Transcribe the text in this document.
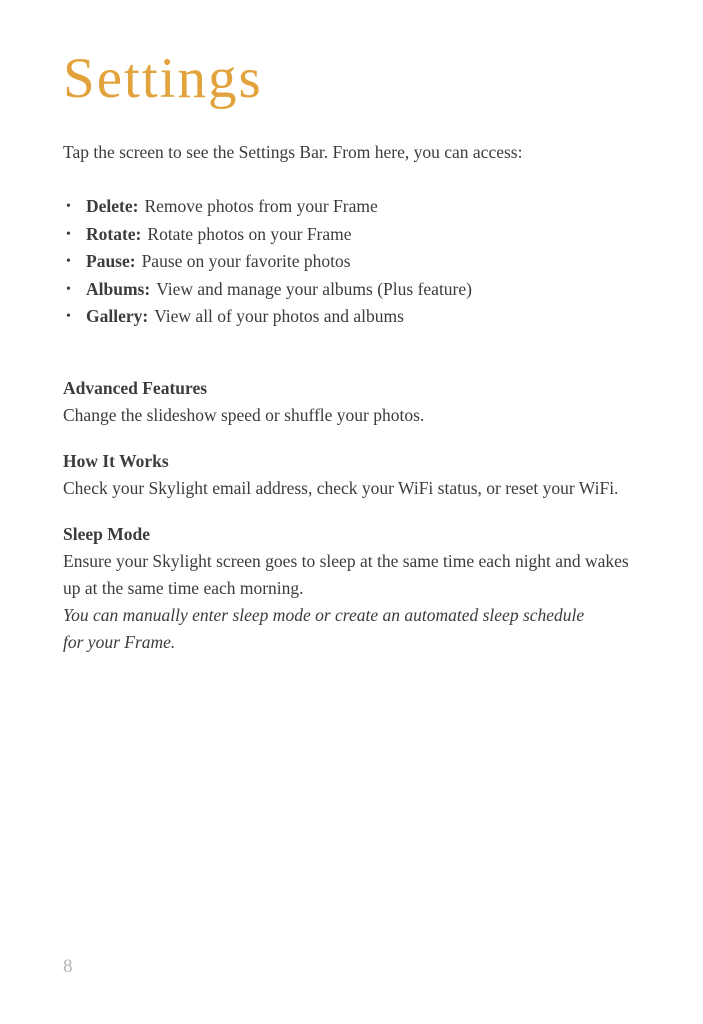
Settings

Tap the screen to see the Settings Bar. From here, you can access:

• Delete: Remove photos from your Frame
• Rotate: Rotate photos on your Frame
• Pause: Pause on your favorite photos
• Albums: View and manage your albums (Plus feature)
• Gallery: View all of your photos and albums
Advanced Features

Change the slideshow speed or shuffle your photos.

How It Works

Check your Skylight email address, check your WiFi status, or reset your WiFi.

Sleep Mode

Ensure your Skylight screen goes to sleep at the same time each night and wakes up at the same time each morning.

You can manually enter sleep mode or create an automated sleep schedule for your Frame.

8
